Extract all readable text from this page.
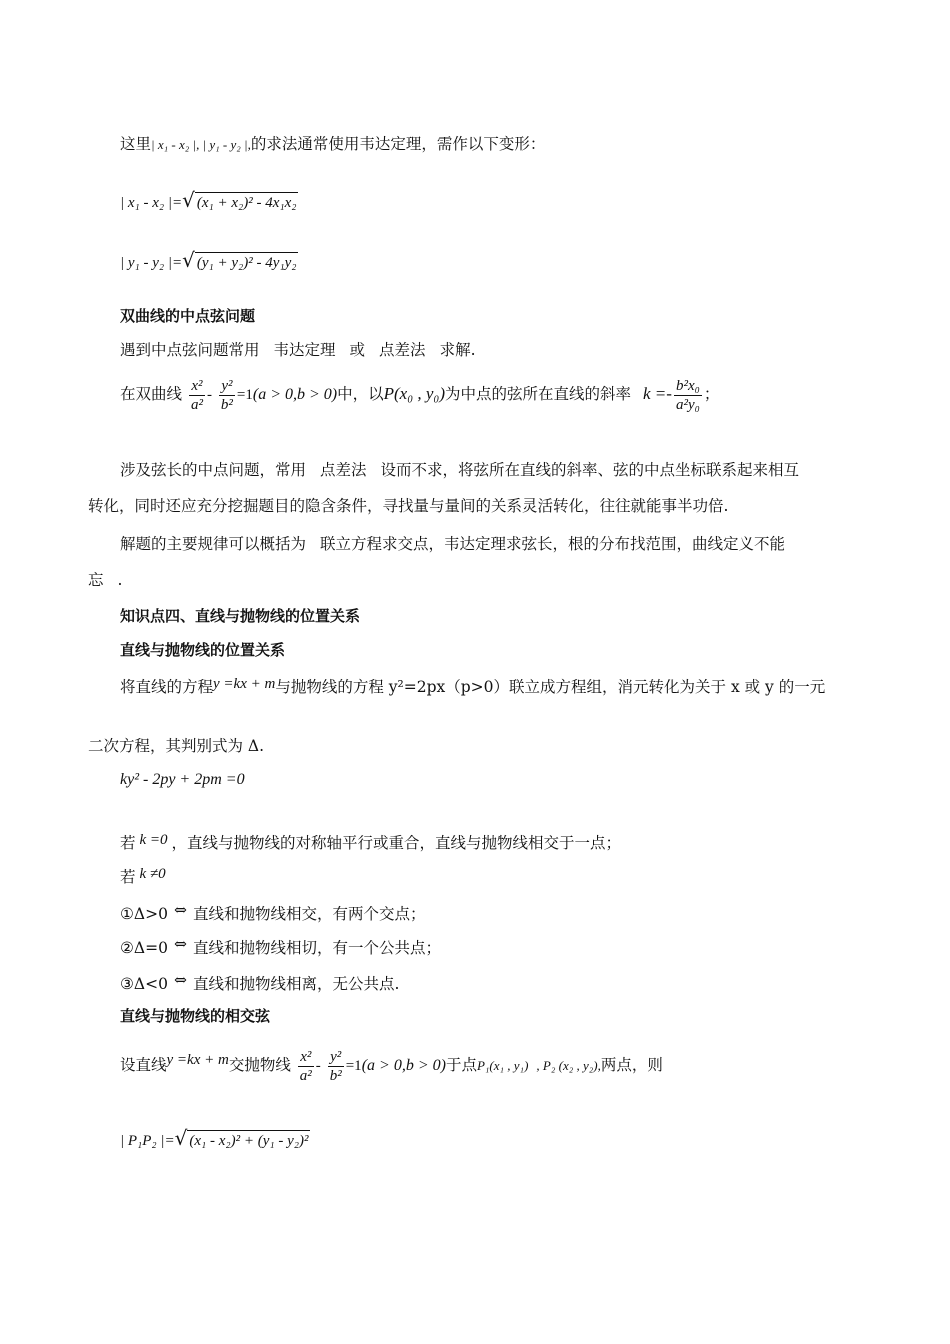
这里| x₁ - x₂ |, | y₁ - y₂ |,的求法通常使用韦达定理，需作以下变形：
| x₁ - x₂ |=√ (x₁ + x₂)² - 4x₁x₂
| y₁ - y₂ |=√ (y₁ + y₂)² - 4y₁y₂
双曲线的中点弦问题
遇到中点弦问题常用 韦达定理 或 点差法 求解.
在双曲线 $\frac{\text{x²}}{\text{a²}} - \frac{\text{y²}}{\text{b²}} =1(a > 0,b > 0)$中，以P(x₀ , y₀)为中点的弦所在直线的斜率 $k =- \frac{\text{b²x₀}}{\text{a²y₀}}$ ；
涉及弦长的中点问题，常用 点差法 设而不求，将弦所在直线的斜率、弦的中点坐标联系起来相互
转化，同时还应充分挖掘题目的隐含条件，寻找量与量间的关系灵活转化，往往就能事半功倍.
解题的主要规律可以概括为 联立方程求交点，韦达定理求弦长，根的分布找范围，曲线定义不能
忘 .
知识点四、直线与抛物线的位置关系
直线与抛物线的位置关系
将直线的方程y =kx + m与抛物线的方程 y²=2px（p>0）联立成方程组，消元转化为关于 x 或 y 的一元
二次方程，其判别式为 Δ.
ky² - 2py + 2pm =0
若 k =0 ，直线与抛物线的对称轴平行或重合，直线与抛物线相交于一点；
若 k ≠0
①Δ>0 ⇔ 直线和抛物线相交，有两个交点；
②Δ=0 ⇔ 直线和抛物线相切，有一个公共点；
③Δ<0 ⇔ 直线和抛物线相离，无公共点.
直线与抛物线的相交弦
设直线y =kx + m交抛物线 $\frac{\text{x²}}{\text{a²}} - \frac{\text{y²}}{\text{b²}} =1(a > 0,b > 0)$于点P₁(x₁ , y₁) , P₂ (x₂ , y₂),两点，则
| P₁P₂ |=√ (x₁ - x₂)² + (y₁ - y₂)²
